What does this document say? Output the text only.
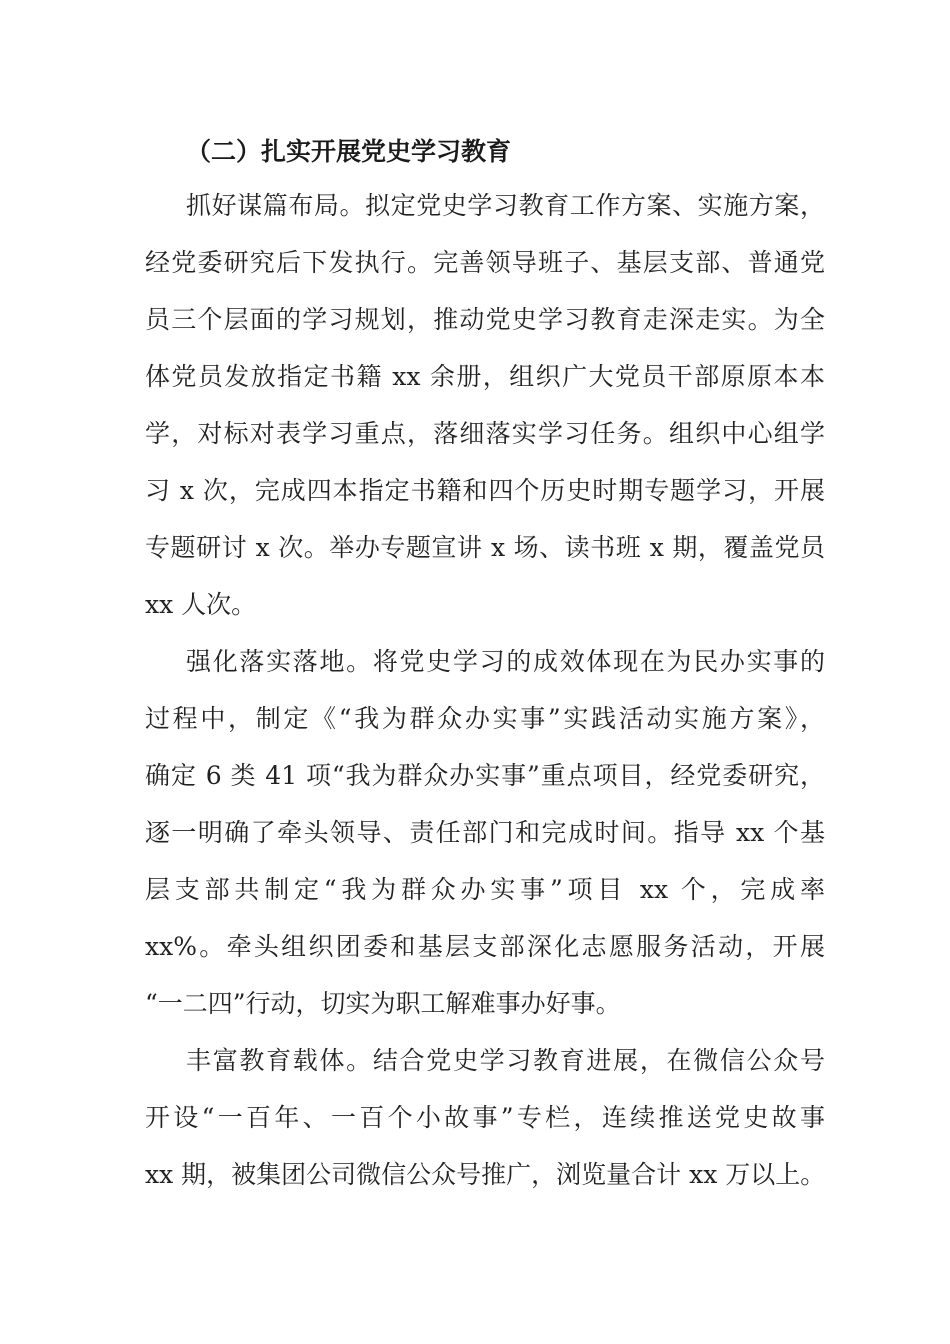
（二）扎实开展党史学习教育
抓好谋篇布局。拟定党史学习教育工作方案、实施方案，
经党委研究后下发执行。完善领导班子、基层支部、普通党
员三个层面的学习规划，推动党史学习教育走深走实。为全
体党员发放指定书籍 xx 余册，组织广大党员干部原原本本
学，对标对表学习重点，落细落实学习任务。组织中心组学
习 x 次，完成四本指定书籍和四个历史时期专题学习，开展
专题研讨 x 次。举办专题宣讲 x 场、读书班 x 期，覆盖党员
xx 人次。
强化落实落地。将党史学习的成效体现在为民办实事的
过程中，制定《“我为群众办实事”实践活动实施方案》，
确定 6 类 41 项“我为群众办实事”重点项目，经党委研究，
逐一明确了牵头领导、责任部门和完成时间。指导 xx 个基
层支部共制定“我为群众办实事”项目 xx 个，完成率
xx%。牵头组织团委和基层支部深化志愿服务活动，开展
“一二四”行动，切实为职工解难事办好事。
丰富教育载体。结合党史学习教育进展，在微信公众号
开设“一百年、一百个小故事”专栏，连续推送党史故事
xx 期，被集团公司微信公众号推广，浏览量合计 xx 万以上。
